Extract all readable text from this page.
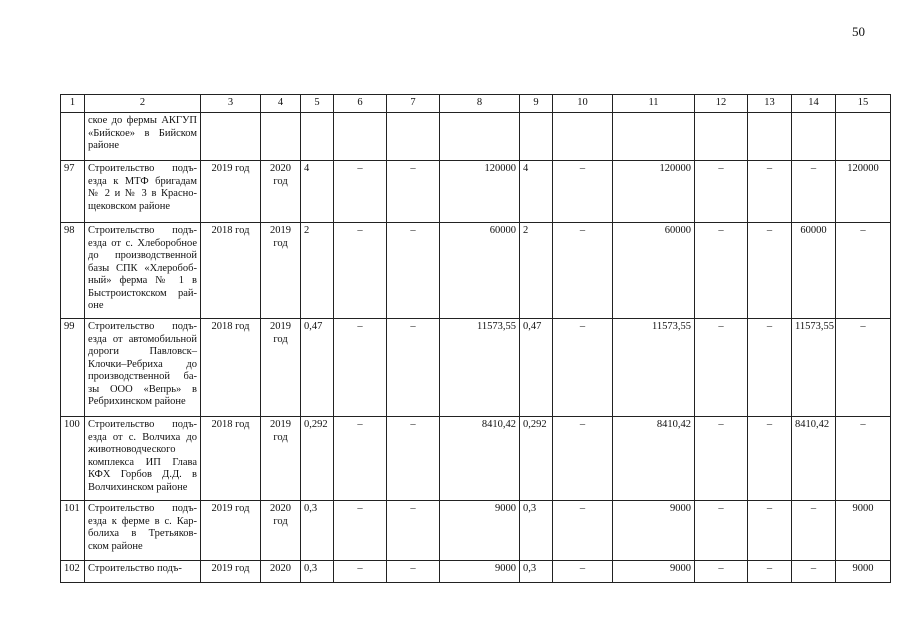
50
1	2	3	4	5	6	7	8	9	10	11	12	13	14	15
	ское до фермы АКГУП «Бийское» в Бийском районе													
97	Строительство подъ-езда к МТФ бригадам № 2 и № 3 в Красно-щековском районе	2019 год	2020 год	4	–	–	120000	4	–	120000	–	–	–	120000
98	Строительство подъ-езда от с. Хлеборобное до производственной базы СПК «Хлеробоб-ный» ферма № 1 в Быстроистокском рай-оне	2018 год	2019 год	2	–	–	60000	2	–	60000	–	–	60000	–
99	Строительство подъ-езда от автомобильной дороги Павловск–Клочки–Ребриха до производственной ба-зы ООО «Вепрь» в Ребрихинском районе	2018 год	2019 год	0,47	–	–	11573,55	0,47	–	11573,55	–	–	11573,55	–
100	Строительство подъ-езда от с. Волчиха до животноводческого комплекса ИП Глава КФХ Горбов Д.Д. в Волчихинском районе	2018 год	2019 год	0,292	–	–	8410,42	0,292	–	8410,42	–	–	8410,42	–
101	Строительство подъ-езда к ферме в с. Кар-болиха в Третьяков-ском районе	2019 год	2020 год	0,3	–	–	9000	0,3	–	9000	–	–	–	9000
102	Строительство подъ-	2019 год	2020	0,3	–	–	9000	0,3	–	9000	–	–	–	9000
